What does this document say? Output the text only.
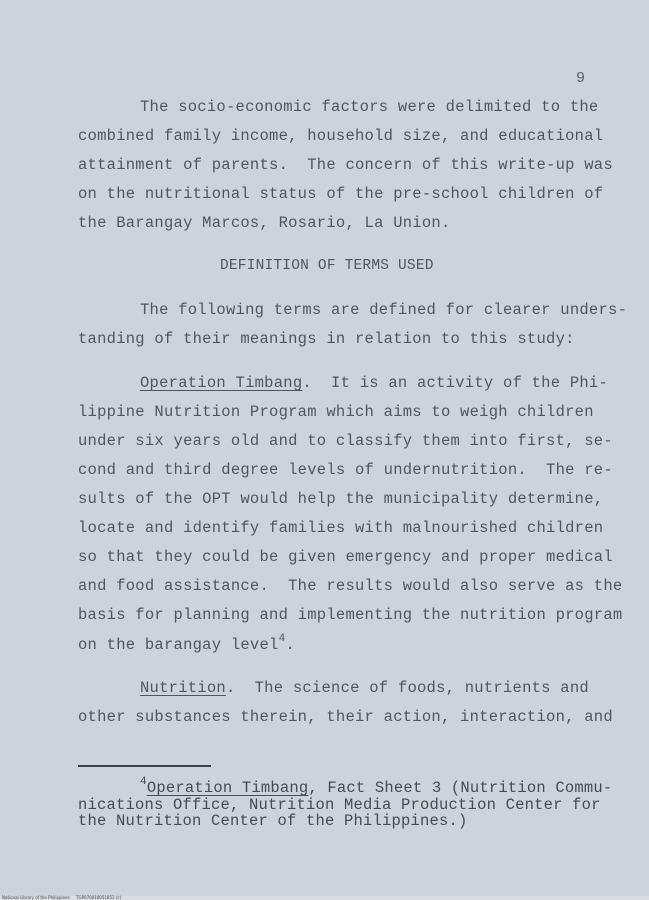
9
The socio-economic factors were delimited to the
combined family income, household size, and educational
attainment of parents.  The concern of this write-up was
on the nutritional status of the pre-school children of
the Barangay Marcos, Rosario, La Union.
DEFINITION OF TERMS USED
The following terms are defined for clearer unders-
tanding of their meanings in relation to this study:
Operation Timbang.  It is an activity of the Phi-
lippine Nutrition Program which aims to weigh children
under six years old and to classify them into first, se-
cond and third degree levels of undernutrition.  The re-
sults of the OPT would help the municipality determine,
locate and identify families with malnourished children
so that they could be given emergency and proper medical
and food assistance.  The results would also serve as the
basis for planning and implementing the nutrition program
on the barangay level$^4$.
Nutrition.  The science of foods, nutrients and
other substances therein, their action, interaction, and
$^4$Operation Timbang, Fact Sheet 3 (Nutrition Commu-
nications Office, Nutrition Media Production Center for
the Nutrition Center of the Philippines.)
National Library of the Philippines     TGP070010051853 (c)
